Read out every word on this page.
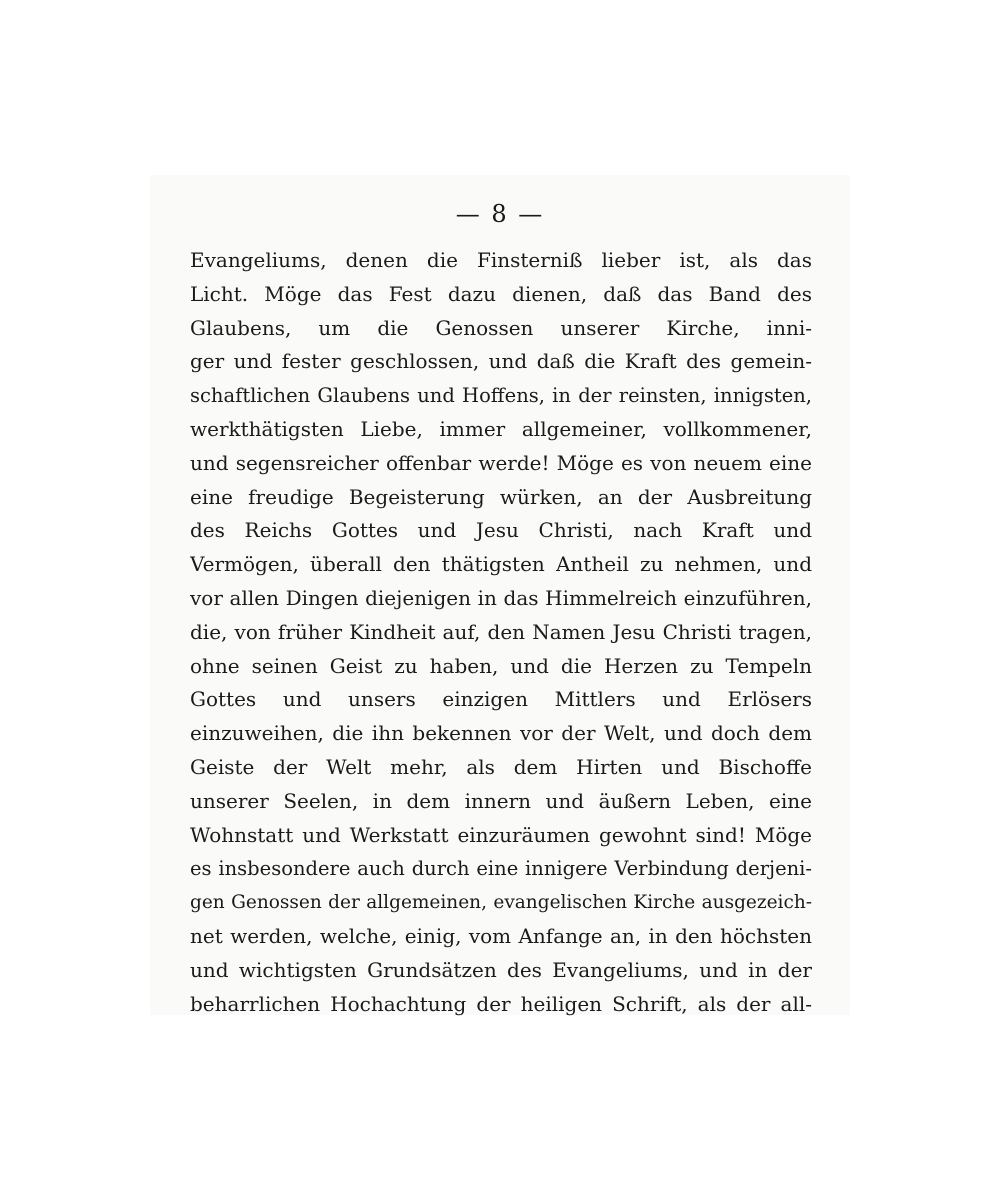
— 8 —
Evangeliums, denen die Finsterniß lieber ist, als das
Licht. Möge das Fest dazu dienen, daß das Band des
Glaubens, um die Genossen unserer Kirche, inni-
ger und fester geschlossen, und daß die Kraft des gemein-
schaftlichen Glaubens und Hoffens, in der reinsten, innigsten,
werkthätigsten Liebe, immer allgemeiner, vollkommener,
und segensreicher offenbar werde! Möge es von neuem eine
eine freudige Begeisterung würken, an der Ausbreitung
des Reichs Gottes und Jesu Christi, nach Kraft und
Vermögen, überall den thätigsten Antheil zu nehmen, und
vor allen Dingen diejenigen in das Himmelreich einzuführen,
die, von früher Kindheit auf, den Namen Jesu Christi tragen,
ohne seinen Geist zu haben, und die Herzen zu Tempeln
Gottes und unsers einzigen Mittlers und Erlösers
einzuweihen, die ihn bekennen vor der Welt, und doch dem
Geiste der Welt mehr, als dem Hirten und Bischoffe
unserer Seelen, in dem innern und äußern Leben, eine
Wohnstatt und Werkstatt einzuräumen gewohnt sind! Möge
es insbesondere auch durch eine innigere Verbindung derjeni-
gen Genossen der allgemeinen, evangelischen Kirche ausgezeich-
net werden, welche, einig, vom Anfange an, in den höchsten
und wichtigsten Grundsätzen des Evangeliums, und in der
beharrlichen Hochachtung der heiligen Schrift, als der all-
